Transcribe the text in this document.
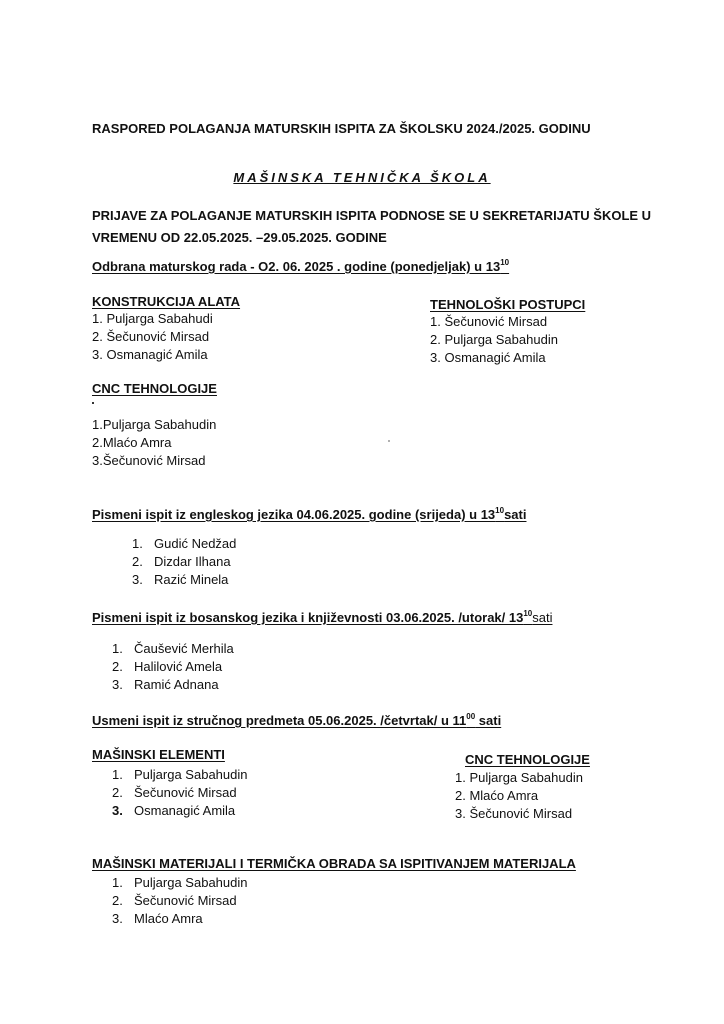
RASPORED POLAGANJA MATURSKIH ISPITA ZA ŠKOLSKU 2024./2025. GODINU
MAŠINSKA TEHNIČKA ŠKOLA
PRIJAVE ZA POLAGANJE MATURSKIH ISPITA PODNOSE SE U SEKRETARIJATU ŠKOLE U VREMENU OD 22.05.2025. –29.05.2025. GODINE
Odbrana maturskog rada - O2. 06. 2025 . godine (ponedjeljak) u $13^{10}$
KONSTRUKCIJA ALATA
1. Puljarga Sabahudi
2. Šečunović Mirsad
3. Osmanagić Amila
TEHNOLOŠKI POSTUPCI
1. Šečunović Mirsad
2. Puljarga Sabahudin
3. Osmanagić Amila
CNC TEHNOLOGIJE
1.Puljarga Sabahudin
2.Mlaćo Amra
3.Šečunović Mirsad
Pismeni ispit iz engleskog jezika 04.06.2025. godine (srijeda) u $13^{10}sati$
1. Gudić Nedžad
2. Dizdar Ilhana
3. Razić Minela
Pismeni ispit iz bosanskog jezika i književnosti 03.06.2025. /utorak/ $13^{10}sati$
1. Čaušević Merhila
2. Halilović Amela
3. Ramić Adnana
Usmeni ispit iz stručnog predmeta 05.06.2025. /četvrtak/ u $11^{00}$ sati
MAŠINSKI ELEMENTI
1. Puljarga Sabahudin
2. Šečunović Mirsad
3. Osmanagić Amila
CNC TEHNOLOGIJE
1. Puljarga Sabahudin
2. Mlaćo Amra
3. Šečunović Mirsad
MAŠINSKI MATERIJALI I TERMIČKA OBRADA SA ISPITIVANJEM MATERIJALA
1. Puljarga Sabahudin
2. Šečunović Mirsad
3. Mlaćo Amra
